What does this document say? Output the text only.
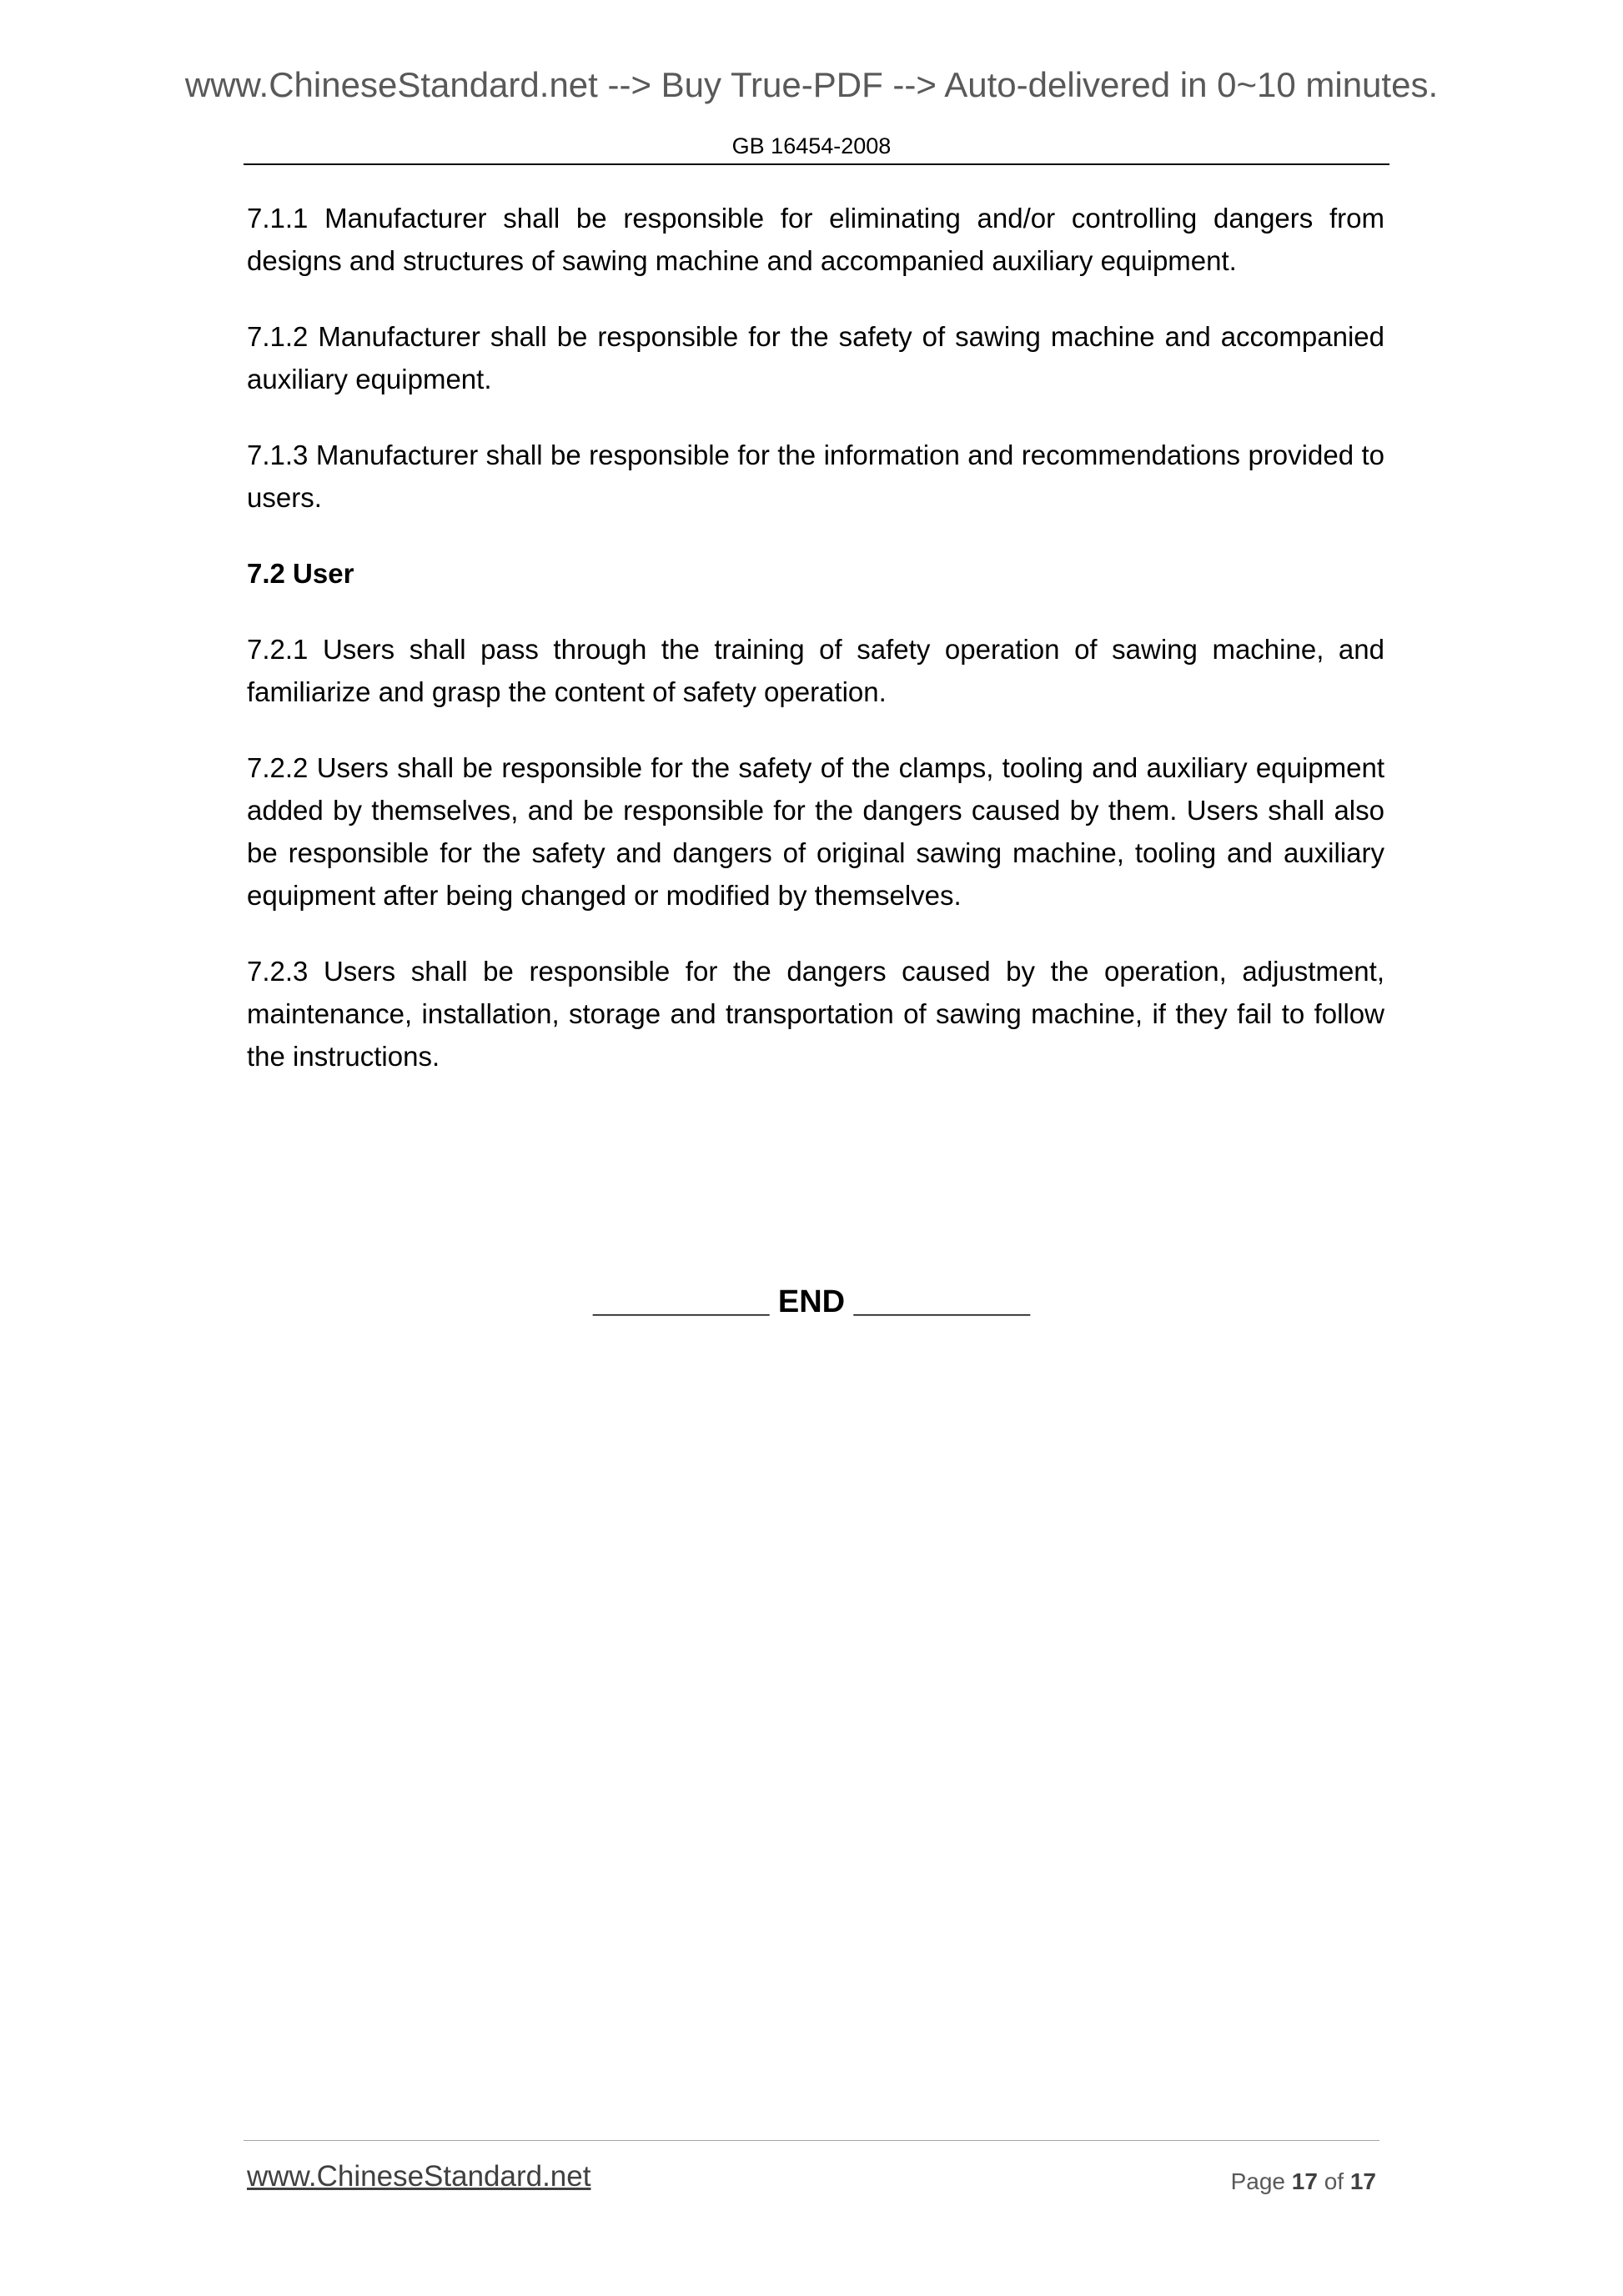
www.ChineseStandard.net --> Buy True-PDF --> Auto-delivered in 0~10 minutes.
GB 16454-2008

7.1.1 Manufacturer shall be responsible for eliminating and/or controlling dangers from designs and structures of sawing machine and accompanied auxiliary equipment.

7.1.2 Manufacturer shall be responsible for the safety of sawing machine and accompanied auxiliary equipment.

7.1.3 Manufacturer shall be responsible for the information and recommendations provided to users.

7.2 User

7.2.1 Users shall pass through the training of safety operation of sawing machine, and familiarize and grasp the content of safety operation.

7.2.2 Users shall be responsible for the safety of the clamps, tooling and auxiliary equipment added by themselves, and be responsible for the dangers caused by them. Users shall also be responsible for the safety and dangers of original sawing machine, tooling and auxiliary equipment after being changed or modified by themselves.

7.2.3 Users shall be responsible for the dangers caused by the operation, adjustment, maintenance, installation, storage and transportation of sawing machine, if they fail to follow the instructions.

__________ END __________
www.ChineseStandard.net	Page 17 of 17
